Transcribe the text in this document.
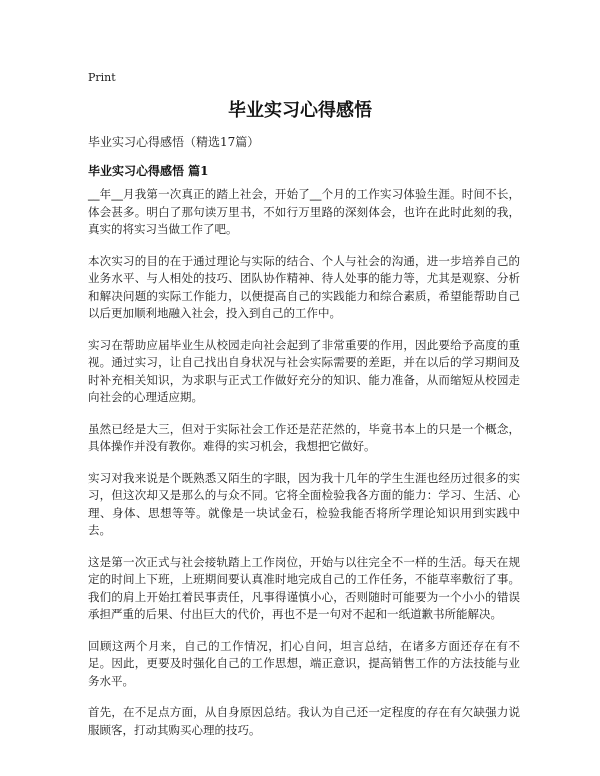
Print
毕业实习心得感悟
毕业实习心得感悟（精选17篇）
毕业实习心得感悟 篇1

__年__月我第一次真正的踏上社会，开始了__个月的工作实习体验生涯。时间不长，体会甚多。明白了那句读万里书，不如行万里路的深刻体会，也许在此时此刻的我，真实的将实习当做工作了吧。

本次实习的目的在于通过理论与实际的结合、个人与社会的沟通，进一步培养自己的业务水平、与人相处的技巧、团队协作精神、待人处事的能力等，尤其是观察、分析和解决问题的实际工作能力，以便提高自己的实践能力和综合素质，希望能帮助自己以后更加顺利地融入社会，投入到自己的工作中。

实习在帮助应届毕业生从校园走向社会起到了非常重要的作用，因此要给予高度的重视。通过实习，让自己找出自身状况与社会实际需要的差距，并在以后的学习期间及时补充相关知识，为求职与正式工作做好充分的知识、能力准备，从而缩短从校园走向社会的心理适应期。

虽然已经是大三，但对于实际社会工作还是茫茫然的，毕竟书本上的只是一个概念，具体操作并没有教你。难得的实习机会，我想把它做好。

实习对我来说是个既熟悉又陌生的字眼，因为我十几年的学生生涯也经历过很多的实习，但这次却又是那么的与众不同。它将全面检验我各方面的能力：学习、生活、心理、身体、思想等等。就像是一块试金石，检验我能否将所学理论知识用到实践中去。

这是第一次正式与社会接轨踏上工作岗位，开始与以往完全不一样的生活。每天在规定的时间上下班，上班期间要认真准时地完成自己的工作任务，不能草率敷衍了事。我们的肩上开始扛着民事责任，凡事得谨慎小心，否则随时可能要为一个小小的错误承担严重的后果、付出巨大的代价，再也不是一句对不起和一纸道歉书所能解决。

回顾这两个月来，自己的工作情况，扪心自问，坦言总结，在诸多方面还存在有不足。因此，更要及时强化自己的工作思想，端正意识，提高销售工作的方法技能与业务水平。

首先，在不足点方面，从自身原因总结。我认为自己还一定程度的存在有欠缺强力说服顾客，打动其购买心理的技巧。
